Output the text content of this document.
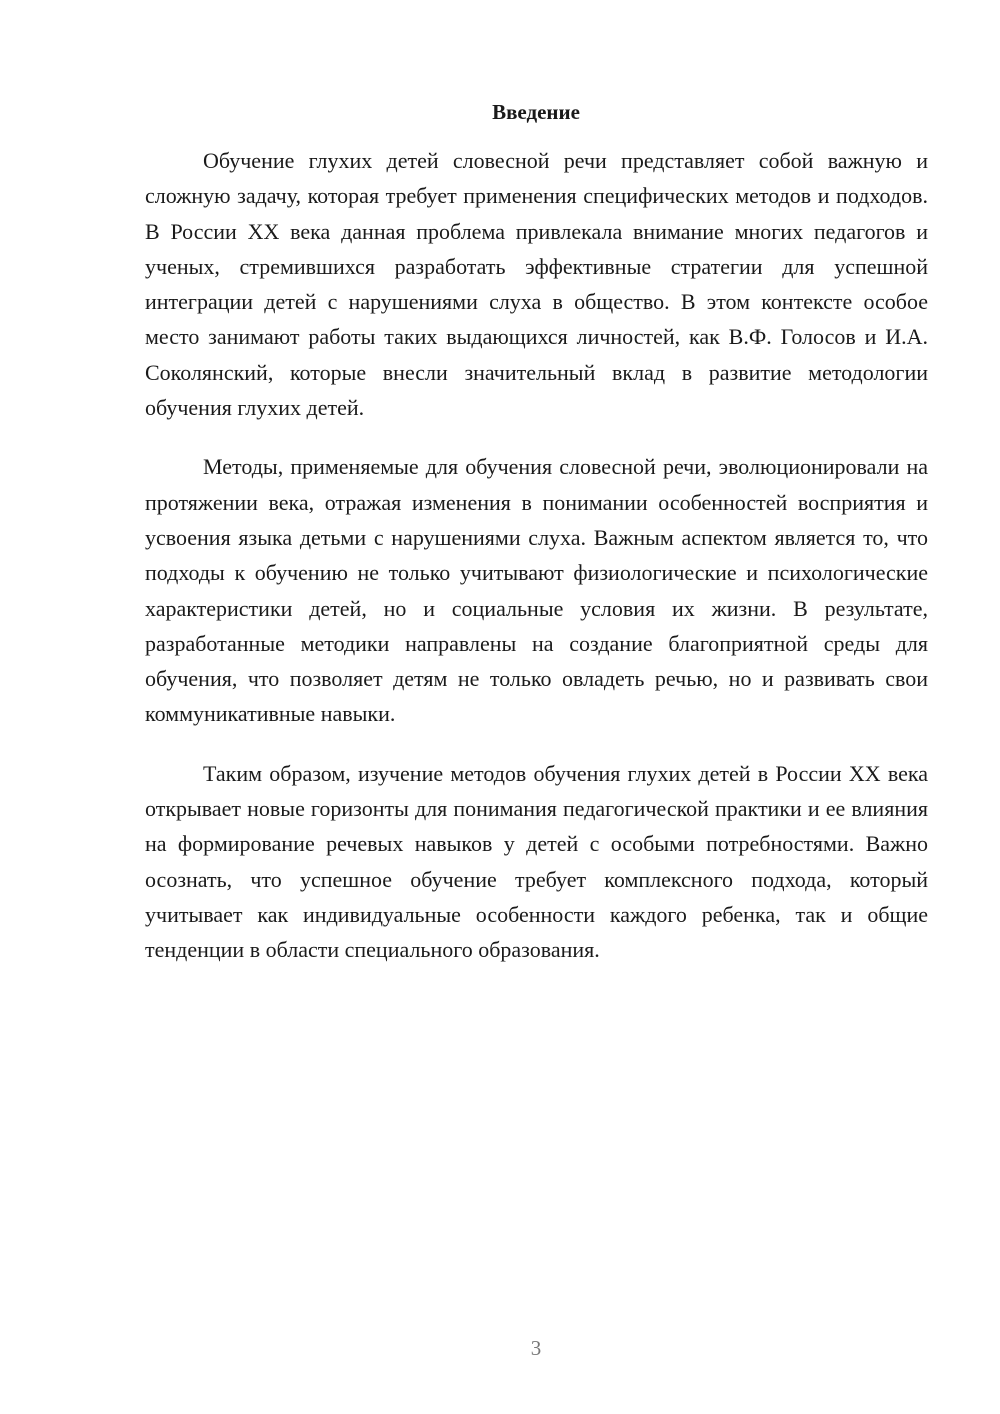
Введение

Обучение глухих детей словесной речи представляет собой важную и сложную задачу, которая требует применения специфических методов и подходов. В России XX века данная проблема привлекала внимание многих педагогов и ученых, стремившихся разработать эффективные стратегии для успешной интеграции детей с нарушениями слуха в общество. В этом контексте особое место занимают работы таких выдающихся личностей, как В.Ф. Голосов и И.А. Соколянский, которые внесли значительный вклад в развитие методологии обучения глухих детей.

Методы, применяемые для обучения словесной речи, эволюционировали на протяжении века, отражая изменения в понимании особенностей восприятия и усвоения языка детьми с нарушениями слуха. Важным аспектом является то, что подходы к обучению не только учитывают физиологические и психологические характеристики детей, но и социальные условия их жизни. В результате, разработанные методики направлены на создание благоприятной среды для обучения, что позволяет детям не только овладеть речью, но и развивать свои коммуникативные навыки.

Таким образом, изучение методов обучения глухих детей в России XX века открывает новые горизонты для понимания педагогической практики и ее влияния на формирование речевых навыков у детей с особыми потребностями. Важно осознать, что успешное обучение требует комплексного подхода, который учитывает как индивидуальные особенности каждого ребенка, так и общие тенденции в области специального образования.

3
